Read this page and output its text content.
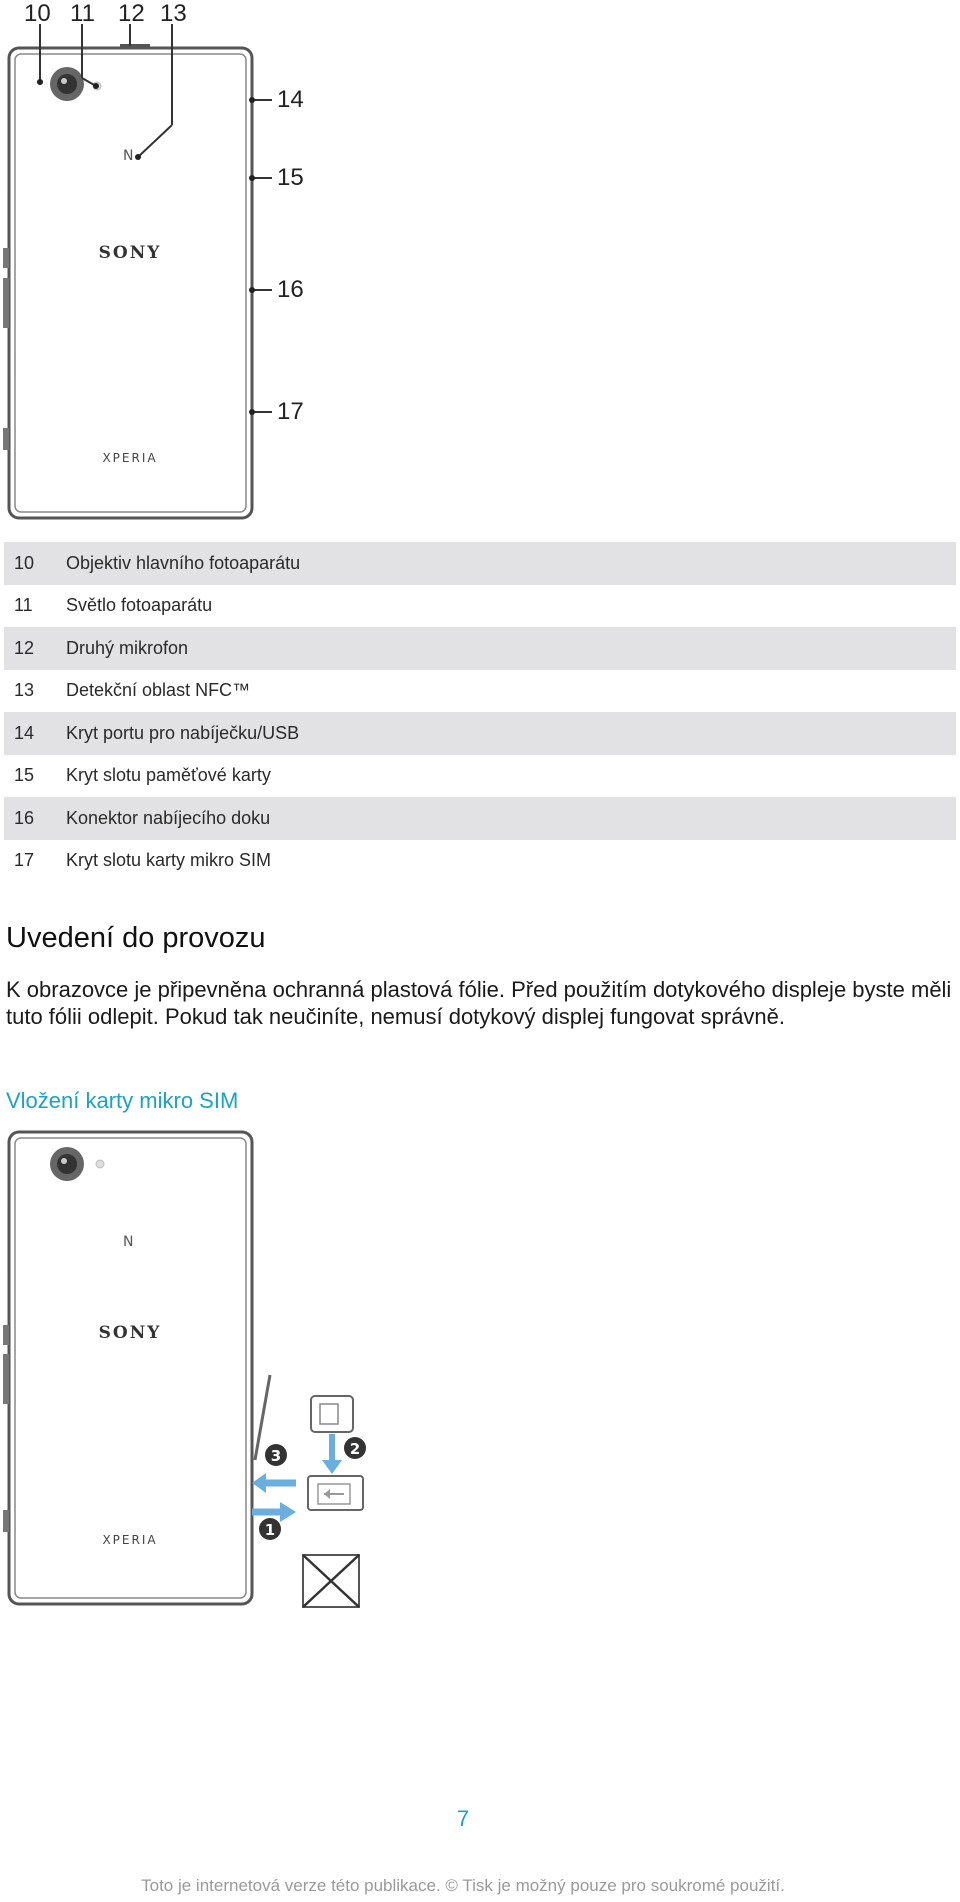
N
SONY
XPERIA
10 11 12 13
14
15
16
17
10	Objektiv hlavního fotoaparátu
11	Světlo fotoaparátu
12	Druhý mikrofon
13	Detekční oblast NFC™
14	Kryt portu pro nabíječku/USB
15	Kryt slotu paměťové karty
16	Konektor nabíjecího doku
17	Kryt slotu karty mikro SIM
Uvedení do provozu

K obrazovce je připevněna ochranná plastová fólie. Před použitím dotykového displeje byste měli tuto fólii odlepit. Pokud tak neučiníte, nemusí dotykový displej fungovat správně.

Vložení karty mikro SIM
N
SONY
XPERIA
3	2
1
7
Toto je internetová verze této publikace. © Tisk je možný pouze pro soukromé použití.
